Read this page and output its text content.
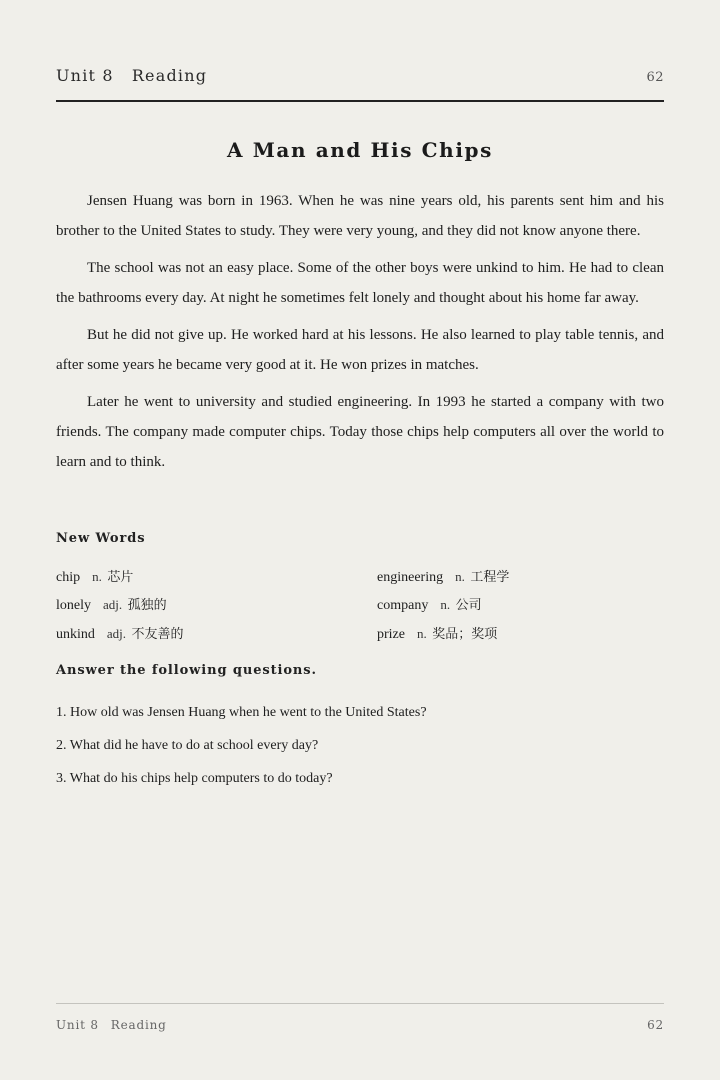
Unit 8 Reading	62
A Man and His Chips

Jensen Huang was born in 1963. When he was nine years old, his parents sent him and his brother to the United States to study. They were very young, and they did not know anyone there.

The school was not an easy place. Some of the other boys were unkind to him. He had to clean the bathrooms every day. At night he sometimes felt lonely and thought about his home far away.

But he did not give up. He worked hard at his lessons. He also learned to play table tennis, and after some years he became very good at it. He won prizes in matches.

Later he went to university and studied engineering. In 1993 he started a company with two friends. The company made computer chips. Today those chips help computers all over the world to learn and to think.

New Words
chip n. 芯片	engineering n. 工程学
lonely adj. 孤独的	company n. 公司
unkind adj. 不友善的	prize n. 奖品；奖项
Answer the following questions.
1. How old was Jensen Huang when he went to the United States?
2. What did he have to do at school every day?
3. What do his chips help computers to do today?
Unit 8 Reading	62
